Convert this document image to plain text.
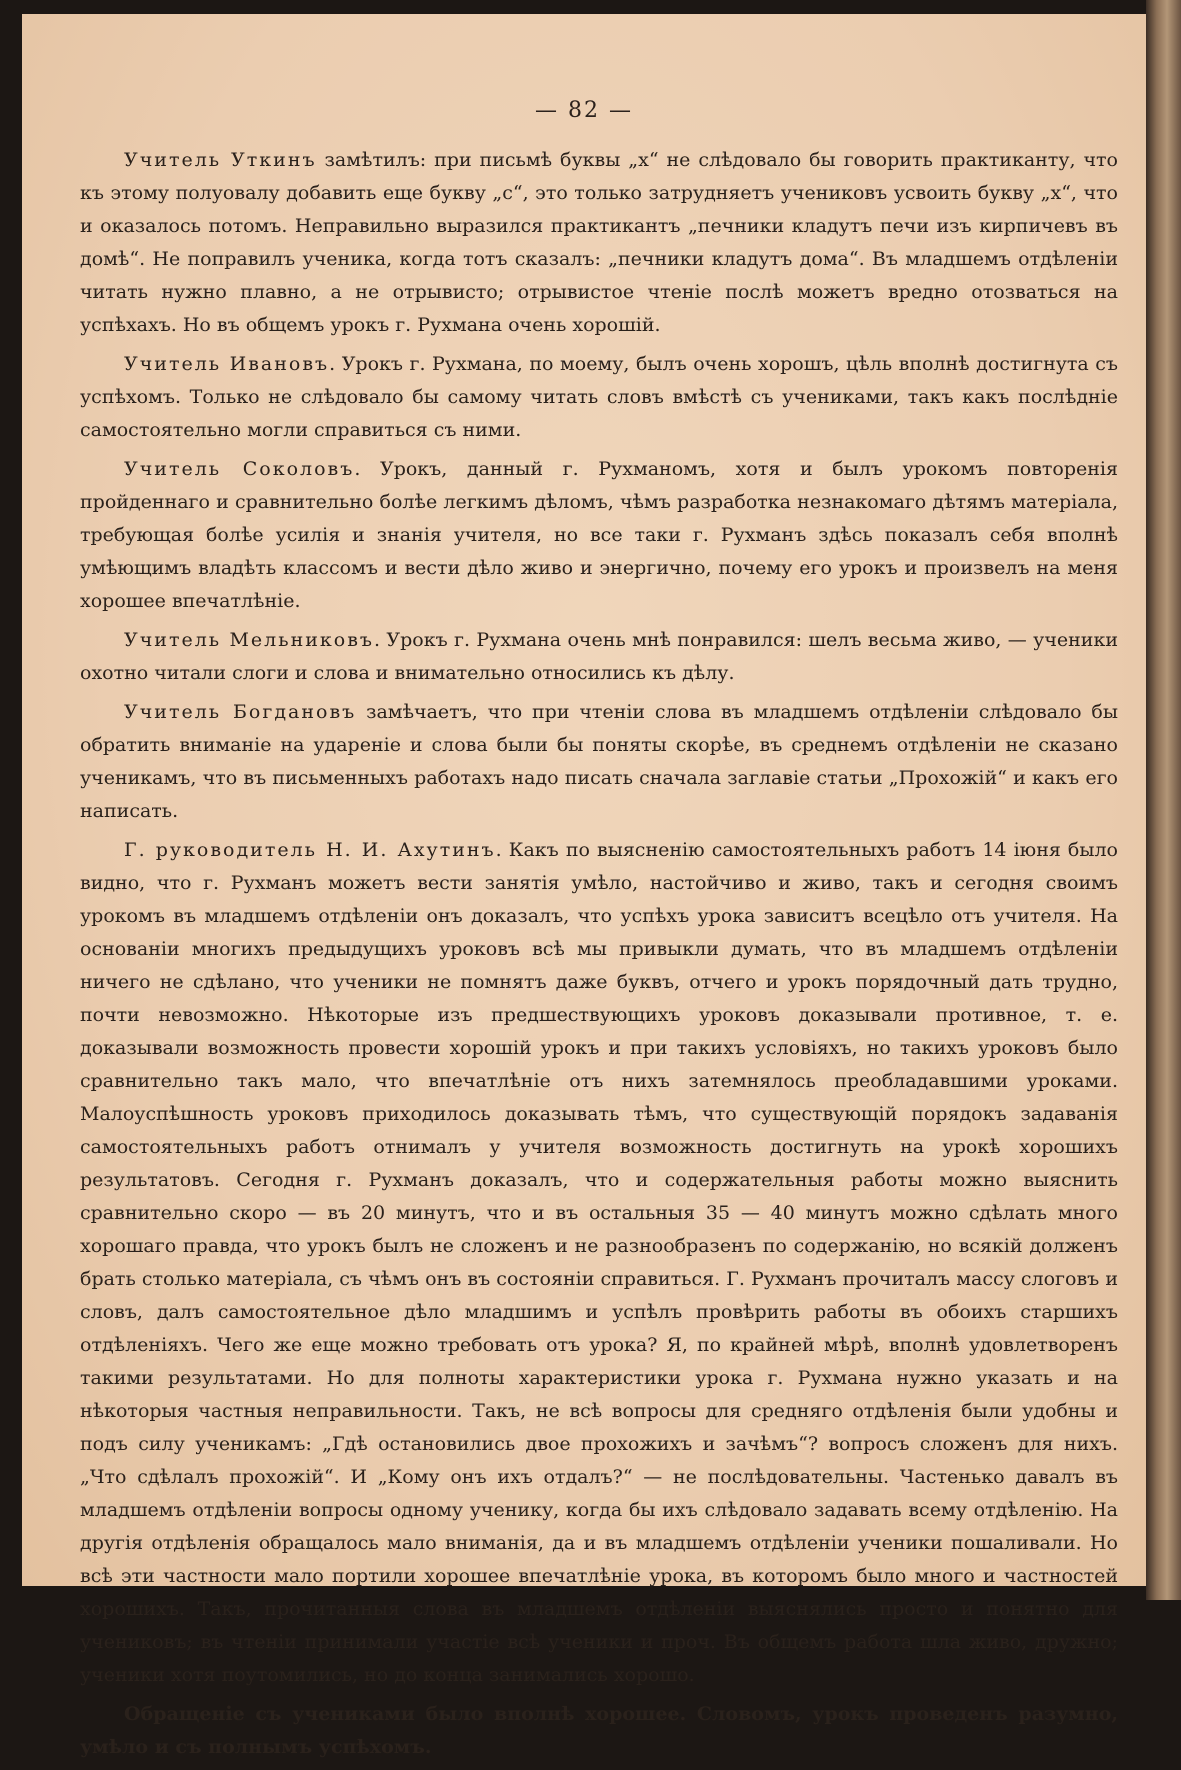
— 82 —

Учитель Уткинъ замѣтилъ: при письмѣ буквы „x“ не слѣдовало бы говорить практиканту, что къ этому полуовалу добавить еще букву „c“, это только затрудняетъ учениковъ усвоить букву „x“, что и оказалось потомъ. Неправильно выразился практикантъ „печники кладутъ печи изъ кирпичевъ въ домѣ“. Не поправилъ ученика, когда тотъ сказалъ: „печники кладутъ дома“. Въ младшемъ отдѣленіи читать нужно плавно, а не отрывисто; отрывистое чтеніе послѣ можетъ вредно отозваться на успѣхахъ. Но въ общемъ урокъ г. Рухмана очень хорошій.

Учитель Ивановъ. Урокъ г. Рухмана, по моему, былъ очень хорошъ, цѣль вполнѣ достигнута съ успѣхомъ. Только не слѣдовало бы самому читать словъ вмѣстѣ съ учениками, такъ какъ послѣдніе самостоятельно могли справиться съ ними.

Учитель Соколовъ. Урокъ, данный г. Рухманомъ, хотя и былъ урокомъ повторенія пройденнаго и сравнительно болѣе легкимъ дѣломъ, чѣмъ разработка незнакомаго дѣтямъ матеріала, требующая болѣе усилія и знанія учителя, но все таки г. Рухманъ здѣсь показалъ себя вполнѣ умѣющимъ владѣть классомъ и вести дѣло живо и энергично, почему его урокъ и произвелъ на меня хорошее впечатлѣніе.

Учитель Мельниковъ. Урокъ г. Рухмана очень мнѣ понравился: шелъ весьма живо, — ученики охотно читали слоги и слова и внимательно относились къ дѣлу.

Учитель Богдановъ замѣчаетъ, что при чтеніи слова въ младшемъ отдѣленіи слѣдовало бы обратить вниманіе на удареніе и слова были бы поняты скорѣе, въ среднемъ отдѣленіи не сказано ученикамъ, что въ письменныхъ работахъ надо писать сначала заглавіе статьи „Прохожій“ и какъ его написать.

Г. руководитель Н. И. Ахутинъ. Какъ по выясненію самостоятельныхъ работъ 14 іюня было видно, что г. Рухманъ можетъ вести занятія умѣло, настойчиво и живо, такъ и сегодня своимъ урокомъ въ младшемъ отдѣленіи онъ доказалъ, что успѣхъ урока зависитъ всецѣло отъ учителя. На основаніи многихъ предыдущихъ уроковъ всѣ мы привыкли думать, что въ младшемъ отдѣленіи ничего не сдѣлано, что ученики не помнятъ даже буквъ, отчего и урокъ порядочный дать трудно, почти невозможно. Нѣкоторые изъ предшествующихъ уроковъ доказывали противное, т. е. доказывали возможность провести хорошій урокъ и при такихъ условіяхъ, но такихъ уроковъ было сравнительно такъ мало, что впечатлѣніе отъ нихъ затемнялось преобладавшими уроками. Малоуспѣшность уроковъ приходилось доказывать тѣмъ, что существующій порядокъ задаванія самостоятельныхъ работъ отнималъ у учителя возможность достигнуть на урокѣ хорошихъ результатовъ. Сегодня г. Рухманъ доказалъ, что и содержательныя работы можно выяснить сравнительно скоро — въ 20 минутъ, что и въ остальныя 35 — 40 минутъ можно сдѣлать много хорошаго правда, что урокъ былъ не сложенъ и не разнообразенъ по содержанію, но всякій долженъ брать столько матеріала, съ чѣмъ онъ въ состояніи справиться. Г. Рухманъ прочиталъ массу слоговъ и словъ, далъ самостоятельное дѣло младшимъ и успѣлъ провѣрить работы въ обоихъ старшихъ отдѣленіяхъ. Чего же еще можно требовать отъ урока? Я, по крайней мѣрѣ, вполнѣ удовлетворенъ такими результатами. Но для полноты характеристики урока г. Рухмана нужно указать и на нѣкоторыя частныя неправильности. Такъ, не всѣ вопросы для средняго отдѣленія были удобны и подъ силу ученикамъ: „Гдѣ остановились двое прохожихъ и зачѣмъ“? вопросъ сложенъ для нихъ. „Что сдѣлалъ прохожій“. И „Кому онъ ихъ отдалъ?“ — не послѣдовательны. Частенько давалъ въ младшемъ отдѣленіи вопросы одному ученику, когда бы ихъ слѣдовало задавать всему отдѣленію. На другія отдѣленія обращалось мало вниманія, да и въ младшемъ отдѣленіи ученики пошаливали. Но всѣ эти частности мало портили хорошее впечатлѣніе урока, въ которомъ было много и частностей хорошихъ. Такъ, прочитанныя слова въ младшемъ отдѣленіи выяснялись просто и понятно для учениковъ; въ чтеніи принимали участіе всѣ ученики и проч. Въ общемъ работа шла живо, дружно; ученики хотя поутомились, но до конца занимались хорошо.

Обращеніе съ учениками было вполнѣ хорошее. Словомъ, урокъ проведенъ разумно, умѣло и съ полнымъ успѣхомъ.
